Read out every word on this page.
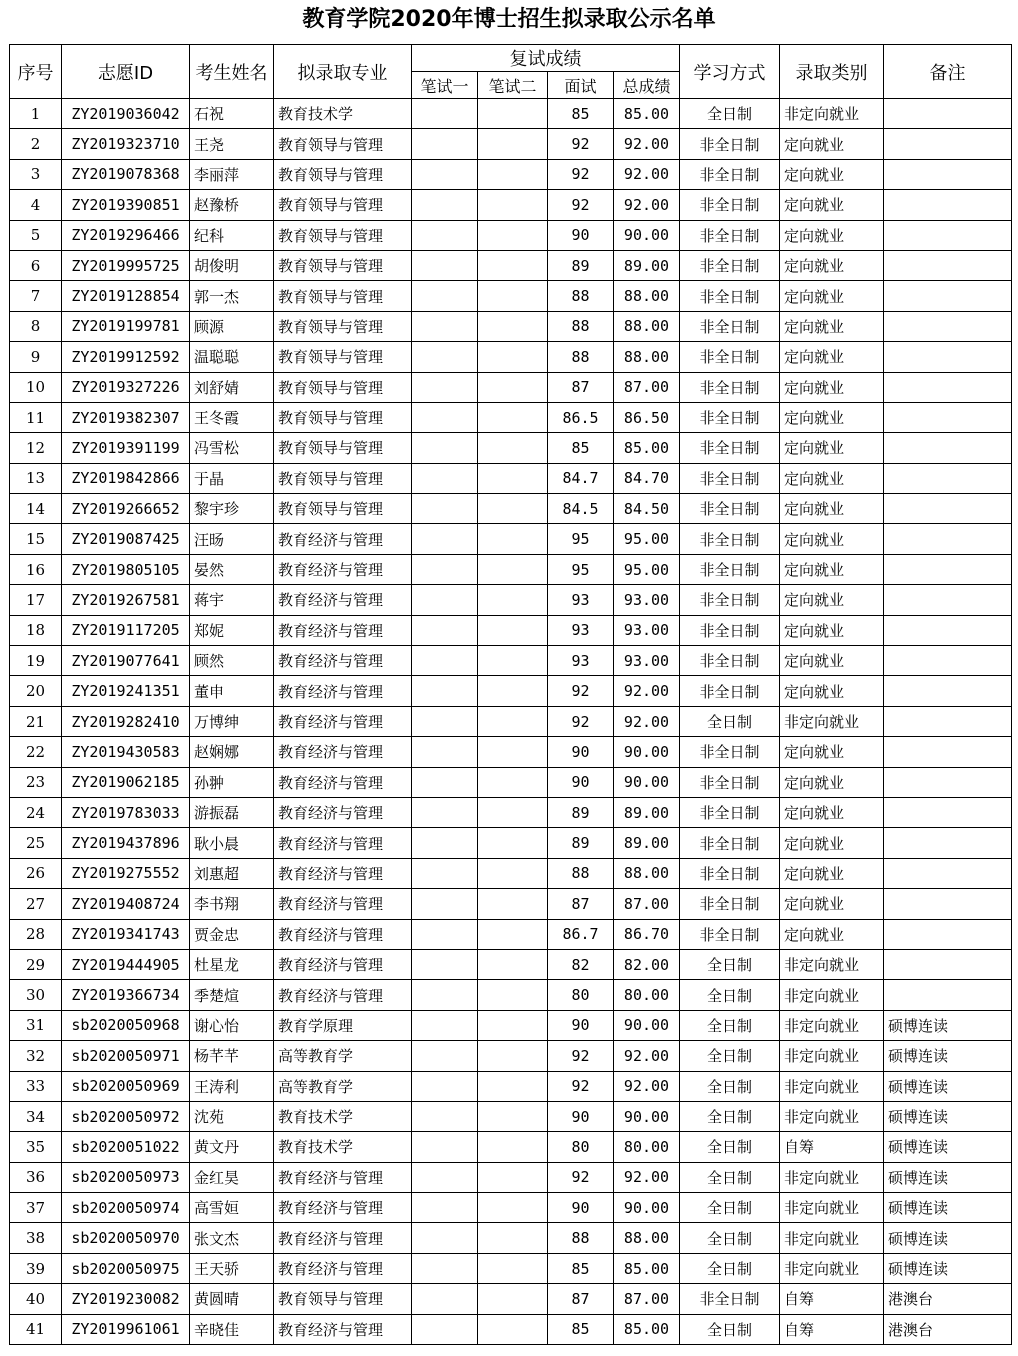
教育学院2020年博士招生拟录取公示名单
序号	志愿ID	考生姓名	拟录取专业	复试成绩				学习方式	录取类别	备注
				笔试一	笔试二	面试	总成绩			
1	ZY2019036042	石祝	教育技术学			85	85.00	全日制	非定向就业	
2	ZY2019323710	王尧	教育领导与管理			92	92.00	非全日制	定向就业	
3	ZY2019078368	李丽萍	教育领导与管理			92	92.00	非全日制	定向就业	
4	ZY2019390851	赵豫桥	教育领导与管理			92	92.00	非全日制	定向就业	
5	ZY2019296466	纪科	教育领导与管理			90	90.00	非全日制	定向就业	
6	ZY2019995725	胡俊明	教育领导与管理			89	89.00	非全日制	定向就业	
7	ZY2019128854	郭一杰	教育领导与管理			88	88.00	非全日制	定向就业	
8	ZY2019199781	顾源	教育领导与管理			88	88.00	非全日制	定向就业	
9	ZY2019912592	温聪聪	教育领导与管理			88	88.00	非全日制	定向就业	
10	ZY2019327226	刘舒婧	教育领导与管理			87	87.00	非全日制	定向就业	
11	ZY2019382307	王冬霞	教育领导与管理			86.5	86.50	非全日制	定向就业	
12	ZY2019391199	冯雪松	教育领导与管理			85	85.00	非全日制	定向就业	
13	ZY2019842866	于晶	教育领导与管理			84.7	84.70	非全日制	定向就业	
14	ZY2019266652	黎宇珍	教育领导与管理			84.5	84.50	非全日制	定向就业	
15	ZY2019087425	汪旸	教育经济与管理			95	95.00	非全日制	定向就业	
16	ZY2019805105	晏然	教育经济与管理			95	95.00	非全日制	定向就业	
17	ZY2019267581	蒋宇	教育经济与管理			93	93.00	非全日制	定向就业	
18	ZY2019117205	郑妮	教育经济与管理			93	93.00	非全日制	定向就业	
19	ZY2019077641	顾然	教育经济与管理			93	93.00	非全日制	定向就业	
20	ZY2019241351	董申	教育经济与管理			92	92.00	非全日制	定向就业	
21	ZY2019282410	万博绅	教育经济与管理			92	92.00	全日制	非定向就业	
22	ZY2019430583	赵娴娜	教育经济与管理			90	90.00	非全日制	定向就业	
23	ZY2019062185	孙翀	教育经济与管理			90	90.00	非全日制	定向就业	
24	ZY2019783033	游振磊	教育经济与管理			89	89.00	非全日制	定向就业	
25	ZY2019437896	耿小晨	教育经济与管理			89	89.00	非全日制	定向就业	
26	ZY2019275552	刘惠超	教育经济与管理			88	88.00	非全日制	定向就业	
27	ZY2019408724	李书翔	教育经济与管理			87	87.00	非全日制	定向就业	
28	ZY2019341743	贾金忠	教育经济与管理			86.7	86.70	非全日制	定向就业	
29	ZY2019444905	杜星龙	教育经济与管理			82	82.00	全日制	非定向就业	
30	ZY2019366734	季楚煊	教育经济与管理			80	80.00	全日制	非定向就业	
31	sb2020050968	谢心怡	教育学原理			90	90.00	全日制	非定向就业	硕博连读
32	sb2020050971	杨芊芊	高等教育学			92	92.00	全日制	非定向就业	硕博连读
33	sb2020050969	王涛利	高等教育学			92	92.00	全日制	非定向就业	硕博连读
34	sb2020050972	沈苑	教育技术学			90	90.00	全日制	非定向就业	硕博连读
35	sb2020051022	黄文丹	教育技术学			80	80.00	全日制	自筹	硕博连读
36	sb2020050973	金红昊	教育经济与管理			92	92.00	全日制	非定向就业	硕博连读
37	sb2020050974	高雪姮	教育经济与管理			90	90.00	全日制	非定向就业	硕博连读
38	sb2020050970	张文杰	教育经济与管理			88	88.00	全日制	非定向就业	硕博连读
39	sb2020050975	王天骄	教育经济与管理			85	85.00	全日制	非定向就业	硕博连读
40	ZY2019230082	黄圆晴	教育领导与管理			87	87.00	非全日制	自筹	港澳台
41	ZY2019961061	辛晓佳	教育经济与管理			85	85.00	全日制	自筹	港澳台
